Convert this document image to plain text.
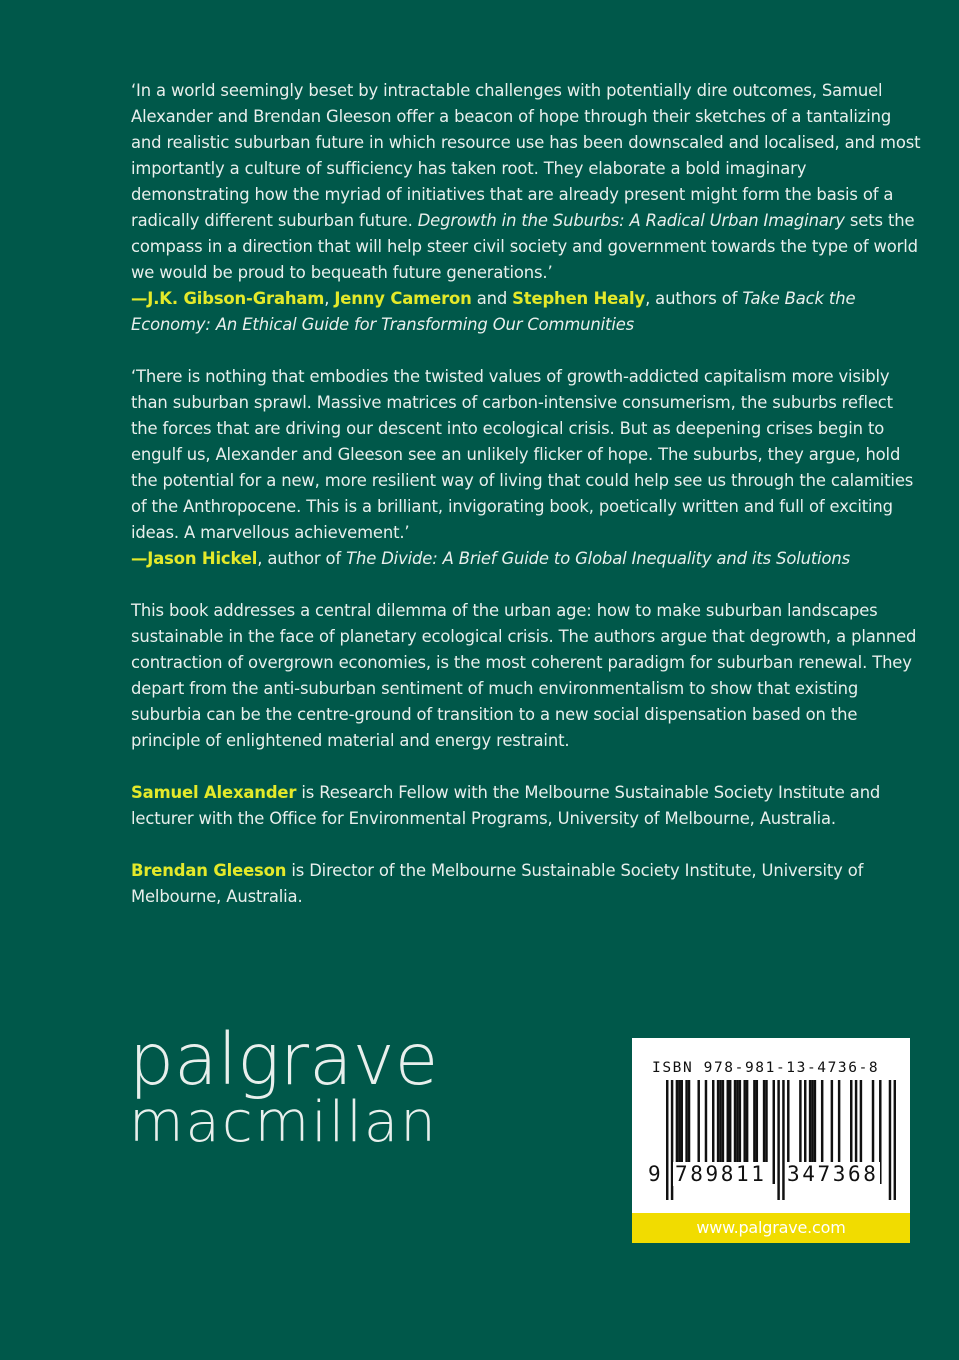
‘In a world seemingly beset by intractable challenges with potentially dire outcomes, Samuel Alexander and Brendan Gleeson offer a beacon of hope through their sketches of a tantalizing and realistic suburban future in which resource use has been downscaled and localised, and most importantly a culture of sufficiency has taken root. They elaborate a bold imaginary demonstrating how the myriad of initiatives that are already present might form the basis of a radically different suburban future. Degrowth in the Suburbs: A Radical Urban Imaginary sets the compass in a direction that will help steer civil society and government towards the type of world we would be proud to bequeath future generations.’
—J.K. Gibson-Graham, Jenny Cameron and Stephen Healy, authors of Take Back the Economy: An Ethical Guide for Transforming Our Communities

‘There is nothing that embodies the twisted values of growth-addicted capitalism more visibly than suburban sprawl. Massive matrices of carbon-intensive consumerism, the suburbs reflect the forces that are driving our descent into ecological crisis. But as deepening crises begin to engulf us, Alexander and Gleeson see an unlikely flicker of hope. The suburbs, they argue, hold the potential for a new, more resilient way of living that could help see us through the calamities of the Anthropocene. This is a brilliant, invigorating book, poetically written and full of exciting ideas. A marvellous achievement.’
—Jason Hickel, author of The Divide: A Brief Guide to Global Inequality and its Solutions

This book addresses a central dilemma of the urban age: how to make suburban landscapes sustainable in the face of planetary ecological crisis. The authors argue that degrowth, a planned contraction of overgrown economies, is the most coherent paradigm for suburban renewal. They depart from the anti-suburban sentiment of much environmentalism to show that existing suburbia can be the centre-ground of transition to a new social dispensation based on the principle of enlightened material and energy restraint.

Samuel Alexander is Research Fellow with the Melbourne Sustainable Society Institute and lecturer with the Office for Environmental Programs, University of Melbourne, Australia.

Brendan Gleeson is Director of the Melbourne Sustainable Society Institute, University of Melbourne, Australia.

palgrave
macmillan
ISBN 978-981-13-4736-8
9 789811 347368
www.palgrave.com
